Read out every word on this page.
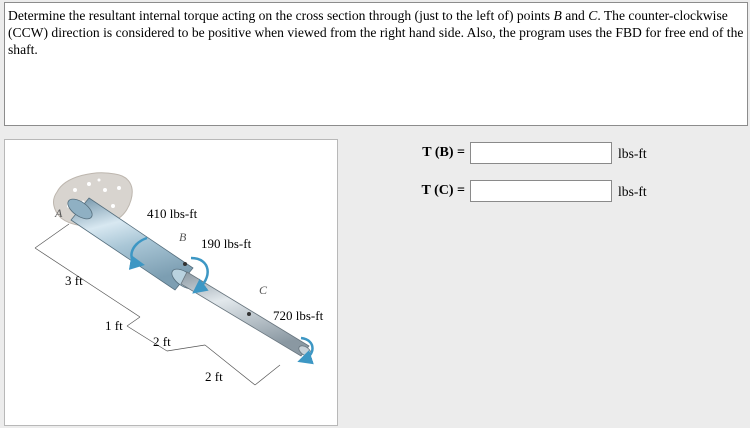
Determine the resultant internal torque acting on the cross section through (just to the left of) points B and C. The counter-clockwise (CCW) direction is considered to be positive when viewed from the right hand side. Also, the program uses the FBD for free end of the shaft.
A
B
C
410 lbs-ft
190 lbs-ft
720 lbs-ft
3 ft
1 ft
2 ft
2 ft
T (B) =	lbs-ft
T (C) =	lbs-ft
